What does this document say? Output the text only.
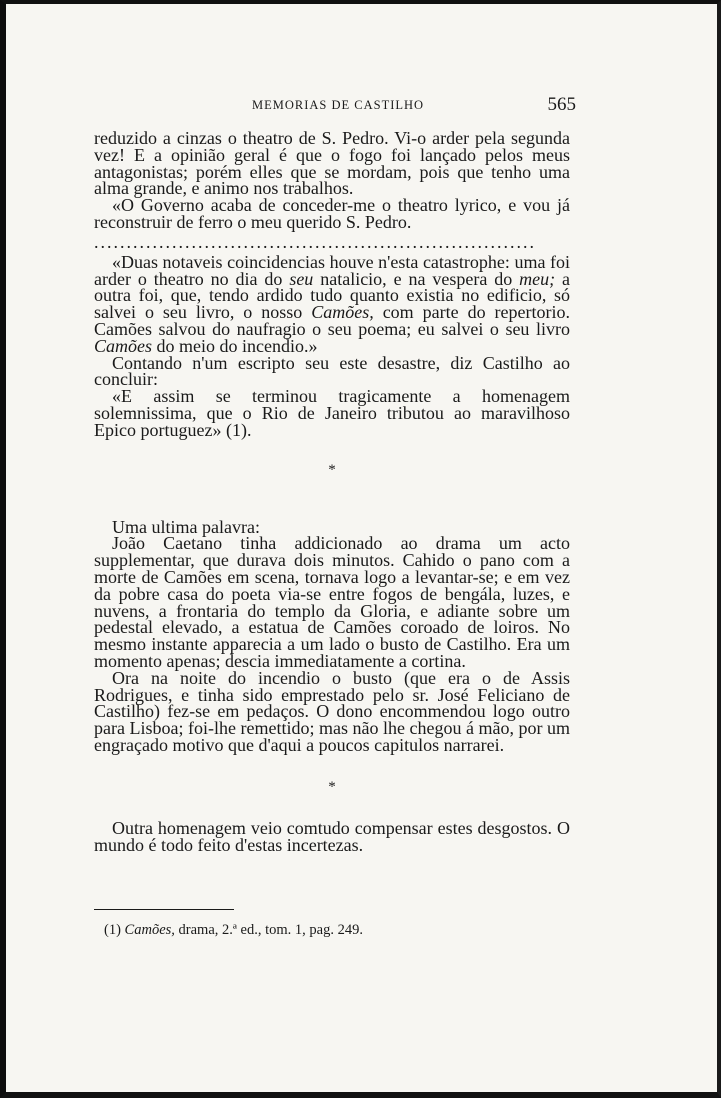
MEMORIAS DE CASTILHO	565

reduzido a cinzas o theatro de S. Pedro. Vi-o arder pela segunda vez! E a opinião geral é que o fogo foi lançado pelos meus antagonistas; porém elles que se mordam, pois que tenho uma alma grande, e animo nos trabalhos.

«O Governo acaba de conceder-me o theatro lyrico, e vou já reconstruir de ferro o meu querido S. Pedro.

....................................................................

«Duas notaveis coincidencias houve n'esta catastrophe: uma foi arder o theatro no dia do seu natalicio, e na vespera do meu; a outra foi, que, tendo ardido tudo quanto existia no edificio, só salvei o seu livro, o nosso Camões, com parte do repertorio. Camões salvou do naufragio o seu poema; eu salvei o seu livro Camões do meio do incendio.»

Contando n'um escripto seu este desastre, diz Castilho ao concluir:

«E assim se terminou tragicamente a homenagem solemnissima, que o Rio de Janeiro tributou ao maravilhoso Epico portuguez» (1).

*

Uma ultima palavra:

João Caetano tinha addicionado ao drama um acto supplementar, que durava dois minutos. Cahido o pano com a morte de Camões em scena, tornava logo a levantar-se; e em vez da pobre casa do poeta via-se entre fogos de bengála, luzes, e nuvens, a frontaria do templo da Gloria, e adiante sobre um pedestal elevado, a estatua de Camões coroado de loiros. No mesmo instante apparecia a um lado o busto de Castilho. Era um momento apenas; descia immediatamente a cortina.

Ora na noite do incendio o busto (que era o de Assis Rodrigues, e tinha sido emprestado pelo sr. José Feliciano de Castilho) fez-se em pedaços. O dono encommendou logo outro para Lisboa; foi-lhe remettido; mas não lhe chegou á mão, por um engraçado motivo que d'aqui a poucos capitulos narrarei.

*

Outra homenagem veio comtudo compensar estes desgostos. O mundo é todo feito d'estas incertezas.

(1) Camões, drama, 2.ª ed., tom. 1, pag. 249.
